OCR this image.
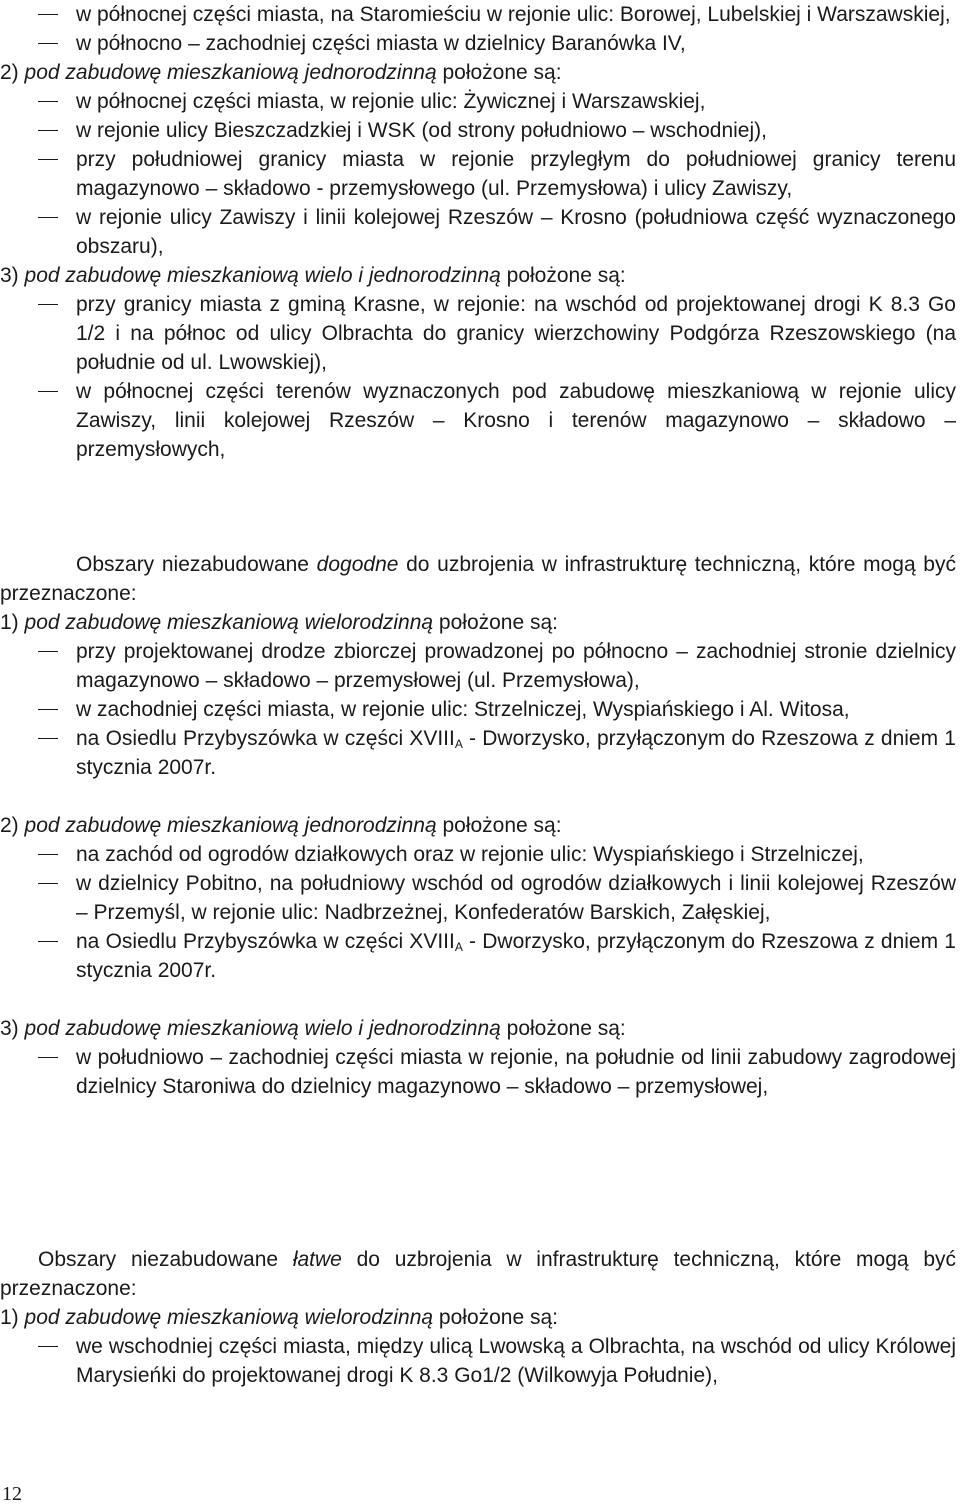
w północnej części miasta, na Staromieściu w rejonie ulic: Borowej, Lubelskiej i Warszawskiej,
w północno – zachodniej części miasta w dzielnicy Baranówka IV,
2) pod zabudowę mieszkaniową jednorodzinną położone są:
w północnej części miasta, w rejonie ulic: Żywicznej i Warszawskiej,
w rejonie ulicy Bieszczadzkiej i WSK (od strony południowo – wschodniej),
przy południowej granicy miasta w rejonie przyległym do południowej granicy terenu magazynowo – składowo - przemysłowego (ul. Przemysłowa) i ulicy Zawiszy,
w rejonie ulicy Zawiszy i linii kolejowej Rzeszów – Krosno (południowa część wyznaczonego obszaru),
3) pod zabudowę mieszkaniową wielo i jednorodzinną położone są:
przy granicy miasta z gminą Krasne, w rejonie: na wschód od projektowanej drogi K 8.3 Go 1/2 i na północ od ulicy Olbrachta do granicy wierzchowiny Podgórza Rzeszowskiego (na południe od ul. Lwowskiej),
w północnej części terenów wyznaczonych pod zabudowę mieszkaniową w rejonie ulicy Zawiszy, linii kolejowej Rzeszów – Krosno i terenów magazynowo – składowo – przemysłowych,
Obszary niezabudowane dogodne do uzbrojenia w infrastrukturę techniczną, które mogą być przeznaczone:
1) pod zabudowę mieszkaniową wielorodzinną położone są:
przy projektowanej drodze zbiorczej prowadzonej po północno – zachodniej stronie dzielnicy magazynowo – składowo – przemysłowej (ul. Przemysłowa),
w zachodniej części miasta, w rejonie ulic: Strzelniczej, Wyspiańskiego i Al. Witosa,
na Osiedlu Przybyszówka w części $XVIII_A$ - Dworzysko, przyłączonym do Rzeszowa z dniem 1 stycznia 2007r.
2) pod zabudowę mieszkaniową jednorodzinną położone są:
na zachód od ogrodów działkowych oraz w rejonie ulic: Wyspiańskiego i Strzelniczej,
w dzielnicy Pobitno, na południowy wschód od ogrodów działkowych i linii kolejowej Rzeszów – Przemyśl, w rejonie ulic: Nadbrzeżnej, Konfederatów Barskich, Załęskiej,
na Osiedlu Przybyszówka w części $XVIII_A$ - Dworzysko, przyłączonym do Rzeszowa z dniem 1 stycznia 2007r.
3) pod zabudowę mieszkaniową wielo i jednorodzinną położone są:
w południowo – zachodniej części miasta w rejonie, na południe od linii zabudowy zagrodowej dzielnicy Staroniwa do dzielnicy magazynowo – składowo – przemysłowej,
Obszary niezabudowane łatwe do uzbrojenia w infrastrukturę techniczną, które mogą być przeznaczone:
1) pod zabudowę mieszkaniową wielorodzinną położone są:
we wschodniej części miasta, między ulicą Lwowską a Olbrachta, na wschód od ulicy Królowej Marysieńki do projektowanej drogi K 8.3 Go1/2 (Wilkowyja Południe),
12
